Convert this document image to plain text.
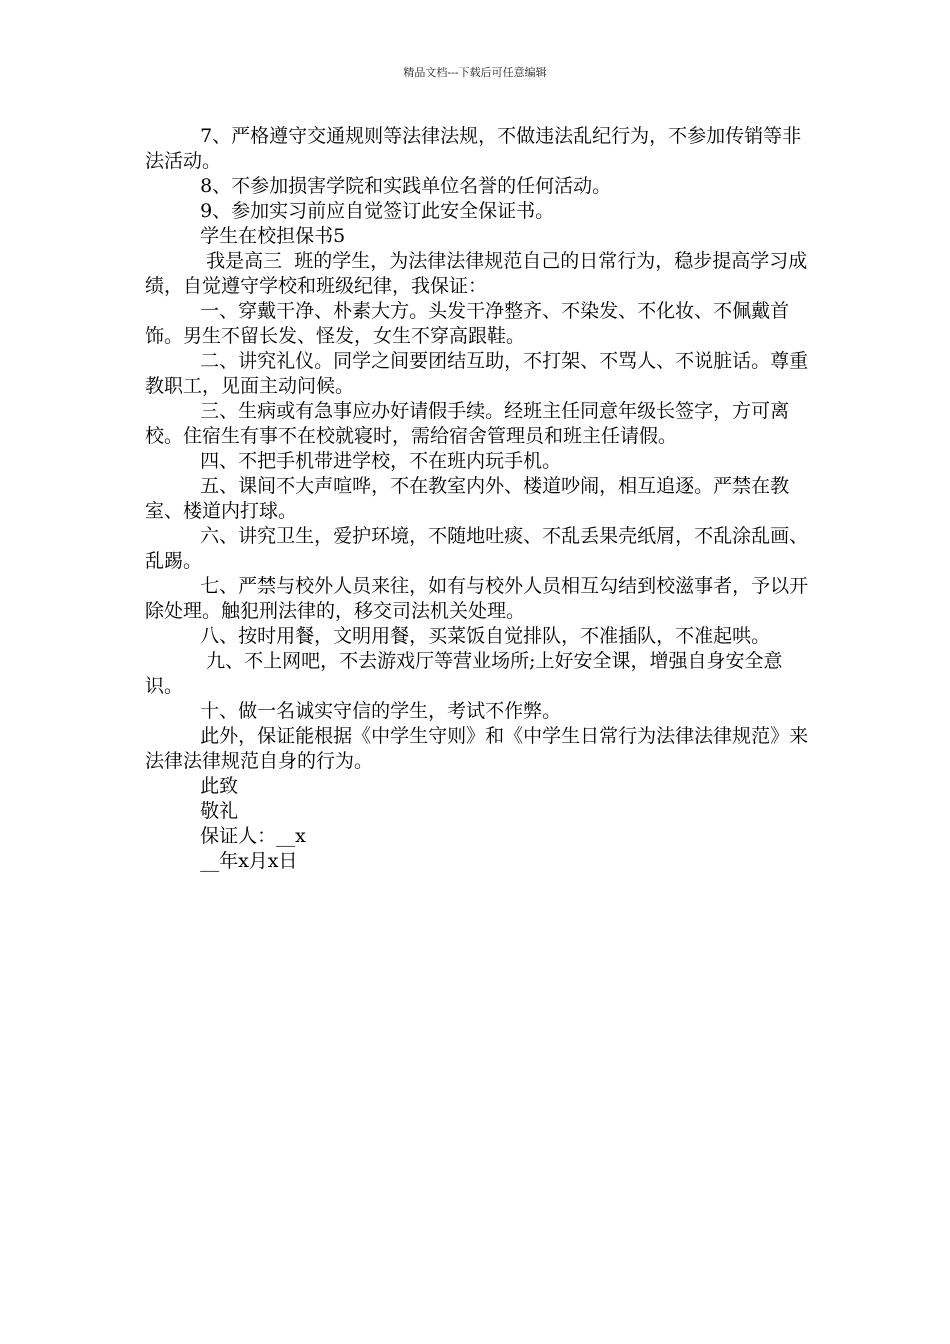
精品文档---下载后可任意编辑

7、严格遵守交通规则等法律法规，不做违法乱纪行为，不参加传销等非法活动。

8、不参加损害学院和实践单位名誉的任何活动。

9、参加实习前应自觉签订此安全保证书。

学生在校担保书5

我是高三  班的学生，为法律法律规范自己的日常行为，稳步提高学习成绩，自觉遵守学校和班级纪律，我保证：

一、穿戴干净、朴素大方。头发干净整齐、不染发、不化妆、不佩戴首饰。男生不留长发、怪发，女生不穿高跟鞋。

二、讲究礼仪。同学之间要团结互助，不打架、不骂人、不说脏话。尊重教职工，见面主动问候。

三、生病或有急事应办好请假手续。经班主任同意年级长签字，方可离校。住宿生有事不在校就寝时，需给宿舍管理员和班主任请假。

四、不把手机带进学校，不在班内玩手机。

五、课间不大声喧哗，不在教室内外、楼道吵闹，相互追逐。严禁在教室、楼道内打球。

六、讲究卫生，爱护环境，不随地吐痰、不乱丢果壳纸屑，不乱涂乱画、乱踢。

七、严禁与校外人员来往，如有与校外人员相互勾结到校滋事者，予以开除处理。触犯刑法律的，移交司法机关处理。

八、按时用餐，文明用餐，买菜饭自觉排队，不准插队，不准起哄。

九、不上网吧，不去游戏厅等营业场所;上好安全课，增强自身安全意识。

十、做一名诚实守信的学生，考试不作弊。

此外，保证能根据《中学生守则》和《中学生日常行为法律法律规范》来法律法律规范自身的行为。

此致

敬礼

保证人：__x

__年x月x日
